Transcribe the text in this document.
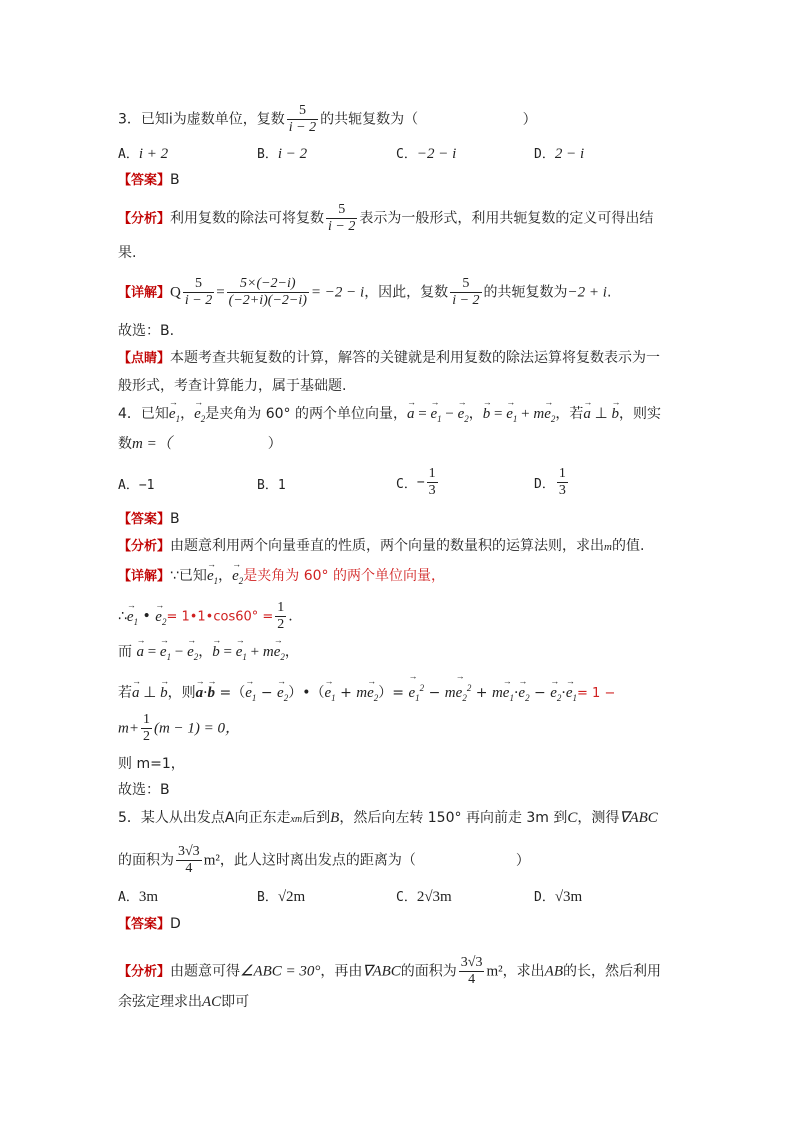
3．已知i为虚数单位，复数 $\frac{5}{i - 2}$ 的共轭复数为（	）
A．i + 2	B．i − 2	C．−2 − i	D．2 − i
【答案】B
【分析】利用复数的除法可将复数 $\frac{5}{i - 2}$ 表示为一般形式，利用共轭复数的定义可得出结
果.
【详解】Q $\frac{5}{i - 2} = \frac{5\times(-2-i)}{(-2+i)(-2-i)} = -2 - i$，因此，复数 $\frac{5}{i - 2}$ 的共轭复数为−2 + i.
故选：B.
【点睛】本题考查共轭复数的计算，解答的关键就是利用复数的除法运算将复数表示为一
般形式，考查计算能力，属于基础题.
4．已知→ $e_1$，→ $e_2$是夹角为 60° 的两个单位向量，→ a = → $e_1$ − → $e_2$，→ b = → $e_1 + m\to e_2$，若→ a ⊥ → b，则实
数m =（	）
A．−1	B．1	C．− $\frac{1}{3}$	D． $\frac{1}{3}$
【答案】B
【分析】由题意利用两个向量垂直的性质，两个向量的数量积的运算法则，求出m的值.
【详解】∵已知→ $e_1$，→ $e_2$是夹角为 60° 的两个单位向量，
∴→ $e_1$ • → $e_2=$ 1•1•cos60° = $\frac{1}{2}$ .
而 → a = → $e_1$ − → $e_2$，→ b = → $e_1 + m\to e_2$，
若→ a ⊥ → b，则→ a·→ b =（→ $e_1$ − → $e_2)•(\to e_1 + m\to e_2)= \to e_1^2 - m\to e_2^2 + m\to e_1\cdot\to e_2$ − → $e_2\cdot\to e_1= 1$ −
$m+ \frac{1}{2} (m - 1) = 0$，
则 m=1，
故选：B
5．某人从出发点A向正东走xm后到B，然后向左转 150° 再向前走 3m 到C，测得∇ABC
的面积为 $\frac{3√3}{4} m^2$，此人这时离出发点的距离为（	）
A．3m	B．√2m	C．2√3m	D．√3m
【答案】D
【分析】由题意可得∠ABC = 30°，再由∇ABC的面积为 $\frac{3√3}{4} m^2$，求出AB的长，然后利用
余弦定理求出AC即可
